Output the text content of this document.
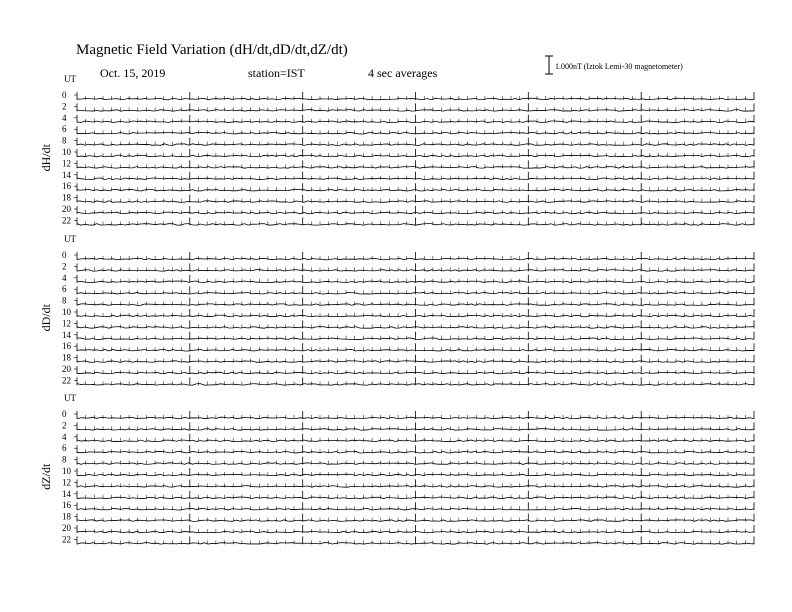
Magnetic Field Variation (dH/dt,dD/dt,dZ/dt)
Oct. 15, 2019	station=IST	4 sec averages	1.000nT (Iztok Lemi-30 magnetometer)
UT
dH/dt
0
2
4
6
8
10
12
14
16
18
20
22
UT
dD/dt
0
2
4
6
8
10
12
14
16
18
20
22
UT
dZ/dt
0
2
4
6
8
10
12
14
16
18
20
22
